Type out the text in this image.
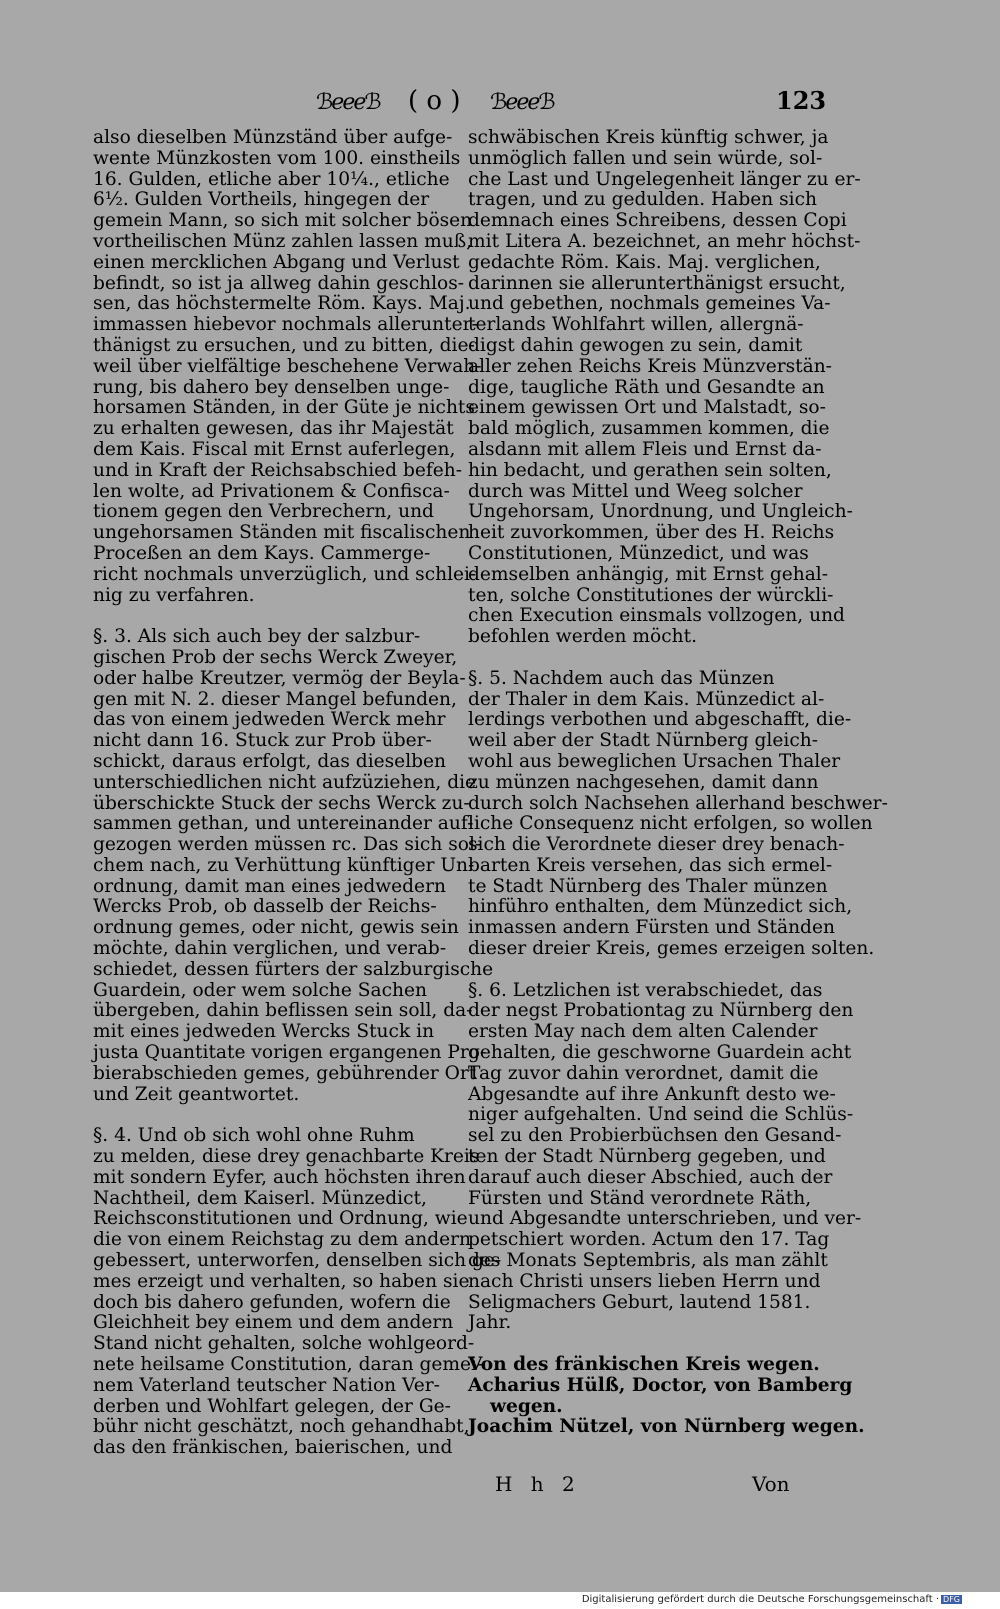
ℬℯℯℯℬ ( o ) ℬℯℯℯℬ	123
also dieselben Münzständ über aufge-
wente Münzkosten vom 100. einstheils
16. Gulden, etliche aber 10¼., etliche
6½. Gulden Vortheils, hingegen der
gemein Mann, so sich mit solcher bösen
vortheilischen Münz zahlen lassen muß,
einen mercklichen Abgang und Verlust
befindt, so ist ja allweg dahin geschlos-
sen, das höchstermelte Röm. Kays. Maj.
immassen hiebevor nochmals allerunter-
thänigst zu ersuchen, und zu bitten, die-
weil über vielfältige beschehene Verwah-
rung, bis dahero bey denselben unge-
horsamen Ständen, in der Güte je nichts
zu erhalten gewesen, das ihr Majestät
dem Kais. Fiscal mit Ernst auferlegen,
und in Kraft der Reichsabschied befeh-
len wolte, ad Privationem & Confisca-
tionem gegen den Verbrechern, und
ungehorsamen Ständen mit fiscalischen
Proceßen an dem Kays. Cammerge-
richt nochmals unverzüglich, und schlei-
nig zu verfahren.
§. 3. Als sich auch bey der salzbur-
gischen Prob der sechs Werck Zweyer,
oder halbe Kreutzer, vermög der Beyla-
gen mit N. 2. dieser Mangel befunden,
das von einem jedweden Werck mehr
nicht dann 16. Stuck zur Prob über-
schickt, daraus erfolgt, das dieselben
unterschiedlichen nicht aufzüziehen, die
überschickte Stuck der sechs Werck zu-
sammen gethan, und untereinander auf-
gezogen werden müssen rc. Das sich sol-
chem nach, zu Verhüttung künftiger Un-
ordnung, damit man eines jedwedern
Wercks Prob, ob dasselb der Reichs-
ordnung gemes, oder nicht, gewis sein
möchte, dahin verglichen, und verab-
schiedet, dessen fürters der salzburgische
Guardein, oder wem solche Sachen
übergeben, dahin beflissen sein soll, da-
mit eines jedweden Wercks Stuck in
justa Quantitate vorigen ergangenen Pro-
bierabschieden gemes, gebührender Ort
und Zeit geantwortet.
§. 4. Und ob sich wohl ohne Ruhm
zu melden, diese drey genachbarte Kreis
mit sondern Eyfer, auch höchsten ihren
Nachtheil, dem Kaiserl. Münzedict,
Reichsconstitutionen und Ordnung, wie
die von einem Reichstag zu dem andern
gebessert, unterworfen, denselben sich ge-
mes erzeigt und verhalten, so haben sie
doch bis dahero gefunden, wofern die
Gleichheit bey einem und dem andern
Stand nicht gehalten, solche wohlgeord-
nete heilsame Constitution, daran gemei-
nem Vaterland teutscher Nation Ver-
derben und Wohlfart gelegen, der Ge-
bühr nicht geschätzt, noch gehandhabt,
das den fränkischen, baierischen, und
schwäbischen Kreis künftig schwer, ja
unmöglich fallen und sein würde, sol-
che Last und Ungelegenheit länger zu er-
tragen, und zu gedulden. Haben sich
demnach eines Schreibens, dessen Copi
mit Litera A. bezeichnet, an mehr höchst-
gedachte Röm. Kais. Maj. verglichen,
darinnen sie allerunterthänigst ersucht,
und gebethen, nochmals gemeines Va-
terlands Wohlfahrt willen, allergnä-
digst dahin gewogen zu sein, damit
aller zehen Reichs Kreis Münzverstän-
dige, taugliche Räth und Gesandte an
einem gewissen Ort und Malstadt, so-
bald möglich, zusammen kommen, die
alsdann mit allem Fleis und Ernst da-
hin bedacht, und gerathen sein solten,
durch was Mittel und Weeg solcher
Ungehorsam, Unordnung, und Ungleich-
heit zuvorkommen, über des H. Reichs
Constitutionen, Münzedict, und was
demselben anhängig, mit Ernst gehal-
ten, solche Constitutiones der würckli-
chen Execution einsmals vollzogen, und
befohlen werden möcht.
§. 5. Nachdem auch das Münzen
der Thaler in dem Kais. Münzedict al-
lerdings verbothen und abgeschafft, die-
weil aber der Stadt Nürnberg gleich-
wohl aus beweglichen Ursachen Thaler
zu münzen nachgesehen, damit dann
durch solch Nachsehen allerhand beschwer-
liche Consequenz nicht erfolgen, so wollen
sich die Verordnete dieser drey benach-
barten Kreis versehen, das sich ermel-
te Stadt Nürnberg des Thaler münzen
hinführo enthalten, dem Münzedict sich,
inmassen andern Fürsten und Ständen
dieser dreier Kreis, gemes erzeigen solten.
§. 6. Letzlichen ist verabschiedet, das
der negst Probationtag zu Nürnberg den
ersten May nach dem alten Calender
gehalten, die geschworne Guardein acht
Tag zuvor dahin verordnet, damit die
Abgesandte auf ihre Ankunft desto we-
niger aufgehalten. Und seind die Schlüs-
sel zu den Probierbüchsen den Gesand-
ten der Stadt Nürnberg gegeben, und
darauf auch dieser Abschied, auch der
Fürsten und Ständ verordnete Räth,
und Abgesandte unterschrieben, und ver-
petschiert worden. Actum den 17. Tag
des Monats Septembris, als man zählt
nach Christi unsers lieben Herrn und
Seligmachers Geburt, lautend 1581.
Jahr.
Von des fränkischen Kreis wegen.
Acharius Hülß, Doctor, von Bamberg
wegen.
Joachim Nützel, von Nürnberg wegen.
H h 2	Von
Digitalisierung gefördert durch die Deutsche Forschungsgemeinschaft · DFG
